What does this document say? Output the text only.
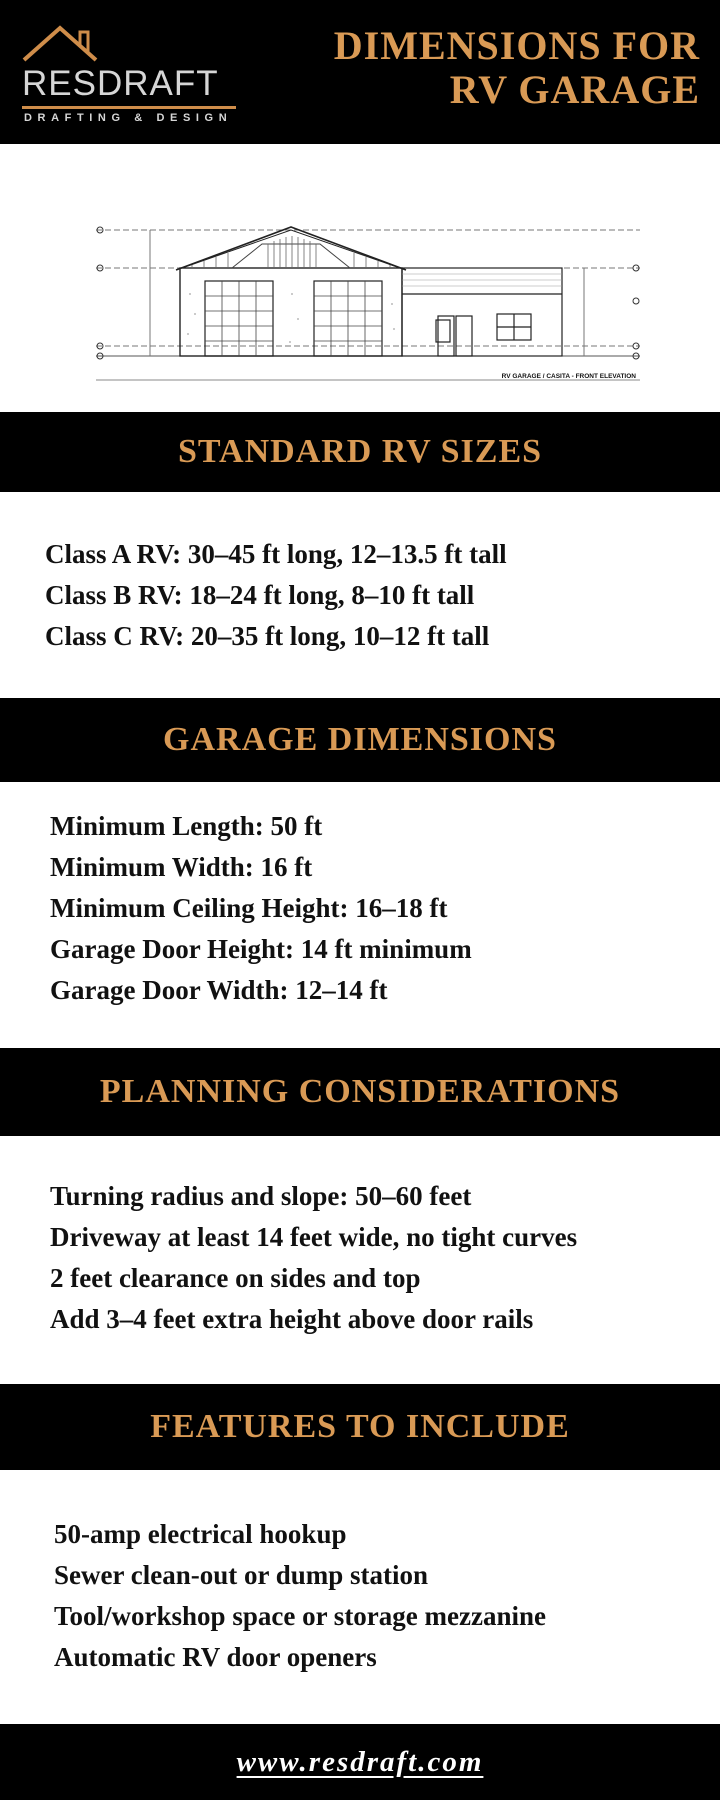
RESDRAFT
DRAFTING & DESIGN
DIMENSIONS FOR
RV GARAGE
RV GARAGE / CASITA - FRONT ELEVATION
STANDARD RV SIZES
Class A RV: 30–45 ft long, 12–13.5 ft tall
Class B RV: 18–24 ft long, 8–10 ft tall
Class C RV: 20–35 ft long, 10–12 ft tall
GARAGE DIMENSIONS
Minimum Length: 50 ft
Minimum Width: 16 ft
Minimum Ceiling Height: 16–18 ft
Garage Door Height: 14 ft minimum
Garage Door Width: 12–14 ft
PLANNING CONSIDERATIONS
Turning radius and slope: 50–60 feet
Driveway at least 14 feet wide, no tight curves
2 feet clearance on sides and top
Add 3–4 feet extra height above door rails
FEATURES TO INCLUDE
50-amp electrical hookup
Sewer clean-out or dump station
Tool/workshop space or storage mezzanine
Automatic RV door openers
www.resdraft.com
